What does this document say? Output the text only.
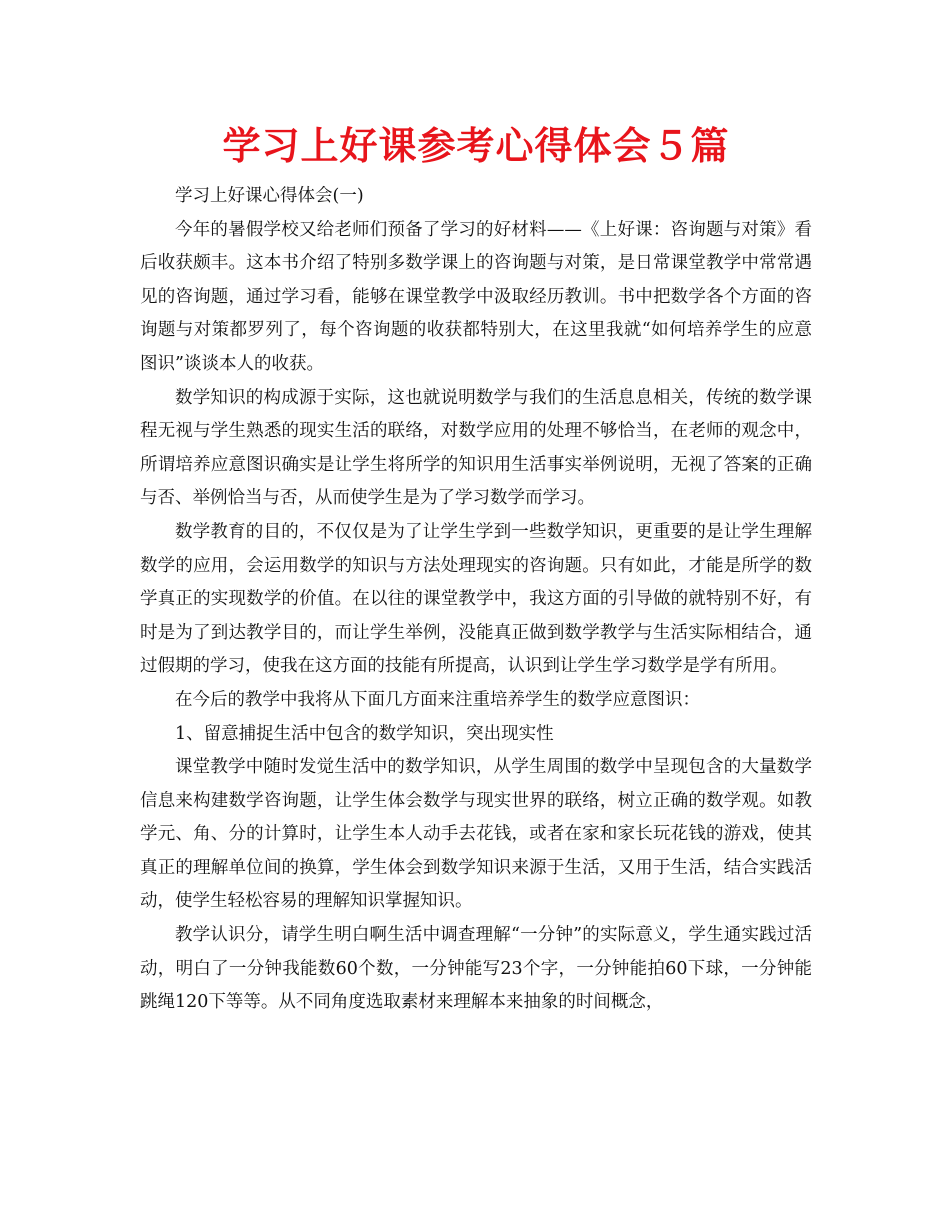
学习上好课参考心得体会５篇

学习上好课心得体会(一)

今年的暑假学校又给老师们预备了学习的好材料——《上好课：咨询题与对策》看后收获颇丰。这本书介绍了特别多数学课上的咨询题与对策，是日常课堂教学中常常遇见的咨询题，通过学习看，能够在课堂教学中汲取经历教训。书中把数学各个方面的咨询题与对策都罗列了，每个咨询题的收获都特别大，在这里我就“如何培养学生的应意图识”谈谈本人的收获。

数学知识的构成源于实际，这也就说明数学与我们的生活息息相关，传统的数学课程无视与学生熟悉的现实生活的联络，对数学应用的处理不够恰当，在老师的观念中，所谓培养应意图识确实是让学生将所学的知识用生活事实举例说明，无视了答案的正确与否、举例恰当与否，从而使学生是为了学习数学而学习。

数学教育的目的，不仅仅是为了让学生学到一些数学知识，更重要的是让学生理解数学的应用，会运用数学的知识与方法处理现实的咨询题。只有如此，才能是所学的数学真正的实现数学的价值。在以往的课堂教学中，我这方面的引导做的就特别不好，有时是为了到达教学目的，而让学生举例，没能真正做到数学教学与生活实际相结合，通过假期的学习，使我在这方面的技能有所提高，认识到让学生学习数学是学有所用。

在今后的教学中我将从下面几方面来注重培养学生的数学应意图识：

1、留意捕捉生活中包含的数学知识，突出现实性

课堂教学中随时发觉生活中的数学知识，从学生周围的数学中呈现包含的大量数学信息来构建数学咨询题，让学生体会数学与现实世界的联络，树立正确的数学观。如教学元、角、分的计算时，让学生本人动手去花钱，或者在家和家长玩花钱的游戏，使其真正的理解单位间的换算，学生体会到数学知识来源于生活，又用于生活，结合实践活动，使学生轻松容易的理解知识掌握知识。

教学认识分，请学生明白啊生活中调查理解“一分钟”的实际意义，学生通实践过活动，明白了一分钟我能数60个数，一分钟能写23个字，一分钟能拍60下球，一分钟能跳绳120下等等。从不同角度选取素材来理解本来抽象的时间概念，
